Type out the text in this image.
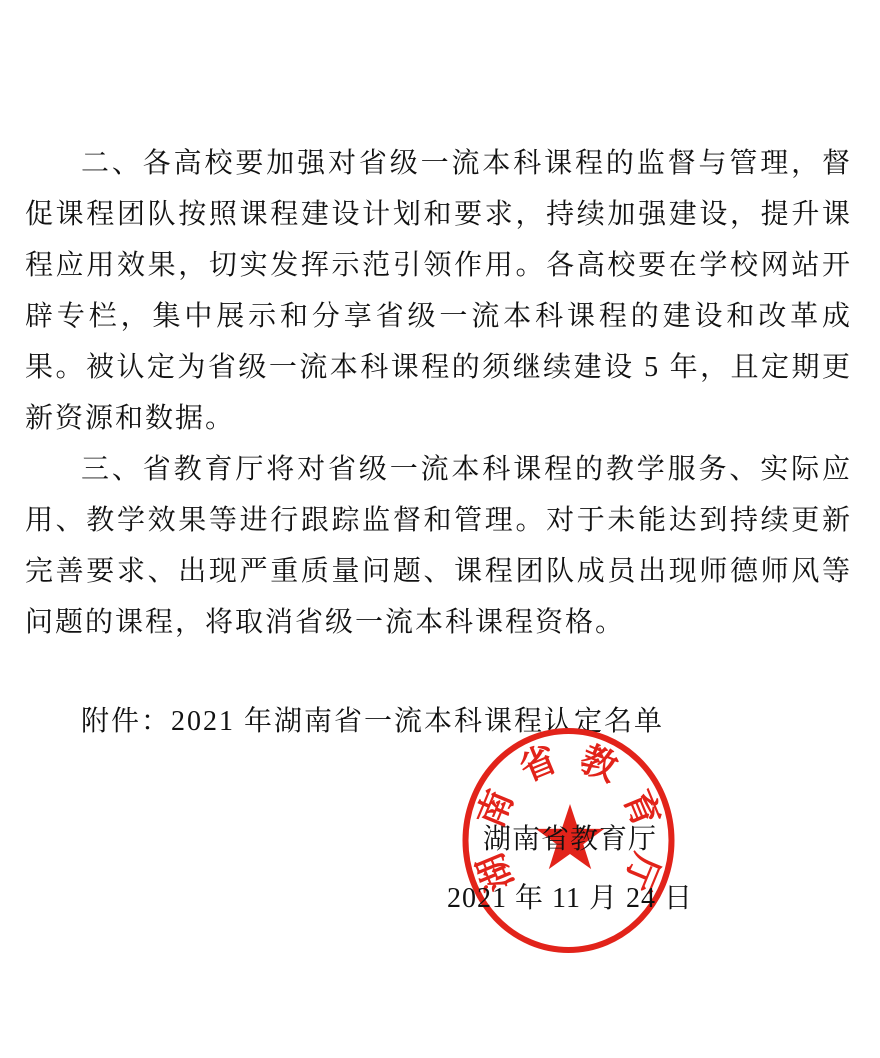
二、各高校要加强对省级一流本科课程的监督与管理，督促课程团队按照课程建设计划和要求，持续加强建设，提升课程应用效果，切实发挥示范引领作用。各高校要在学校网站开辟专栏，集中展示和分享省级一流本科课程的建设和改革成果。被认定为省级一流本科课程的须继续建设 5 年，且定期更新资源和数据。

三、省教育厅将对省级一流本科课程的教学服务、实际应用、教学效果等进行跟踪监督和管理。对于未能达到持续更新完善要求、出现严重质量问题、课程团队成员出现师德师风等问题的课程，将取消省级一流本科课程资格。

附件：2021 年湖南省一流本科课程认定名单

湖
南
省 教
育
厅
湖南省教育厅
2021 年 11 月 24 日
